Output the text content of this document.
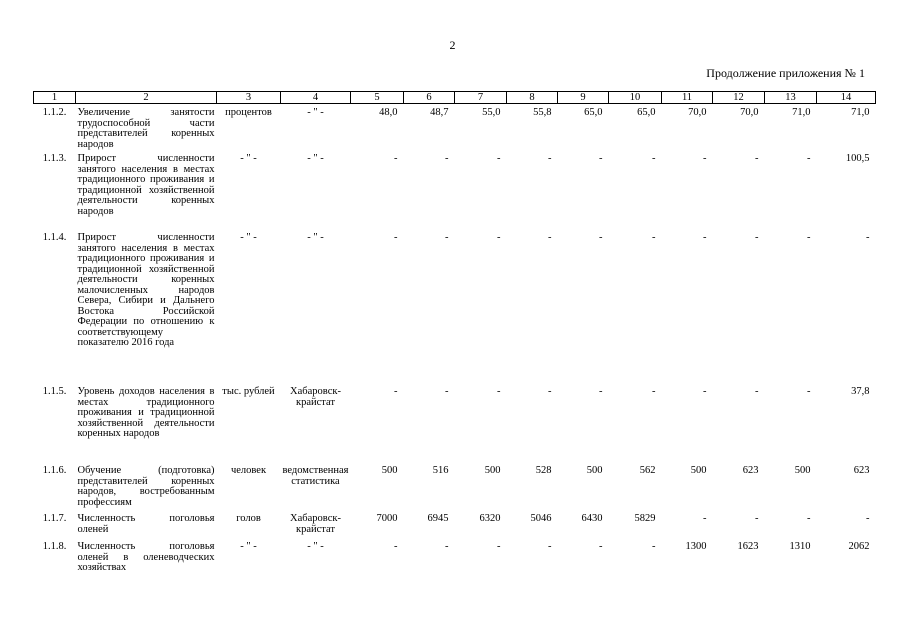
2
Продолжение приложения № 1
1	2	3	4	5	6	7	8	9	10	11	12	13	14
1.1.2.	Увеличение занятости трудоспособной части представителей коренных народов	процентов	- " -	48,0	48,7	55,0	55,8	65,0	65,0	70,0	70,0	71,0	71,0
1.1.3.	Прирост численности занятого населения в местах традиционного проживания и традиционной хозяйственной деятельности коренных народов	- " -	- " -	-	-	-	-	-	-	-	-	-	100,5
1.1.4.	Прирост численности занятого населения в местах традиционного проживания и традиционной хозяйственной деятельности коренных малочисленных народов Севера, Сибири и Дальнего Востока Российской Федерации по отношению к соответствующему показателю 2016 года	- " -	- " -	-	-	-	-	-	-	-	-	-	-
1.1.5.	Уровень доходов населения в местах традиционного проживания и традиционной хозяйственной деятельности коренных народов	тыс. рублей	Хабаровск-крайстат	-	-	-	-	-	-	-	-	-	37,8
1.1.6.	Обучение (подготовка) представителей коренных народов, востребованным профессиям	человек	ведомственная статистика	500	516	500	528	500	562	500	623	500	623
1.1.7.	Численность поголовья оленей	голов	Хабаровск-крайстат	7000	6945	6320	5046	6430	5829	-	-	-	-
1.1.8.	Численность поголовья оленей в оленеводческих хозяйствах	- " -	- " -	-	-	-	-	-	-	1300	1623	1310	2062
